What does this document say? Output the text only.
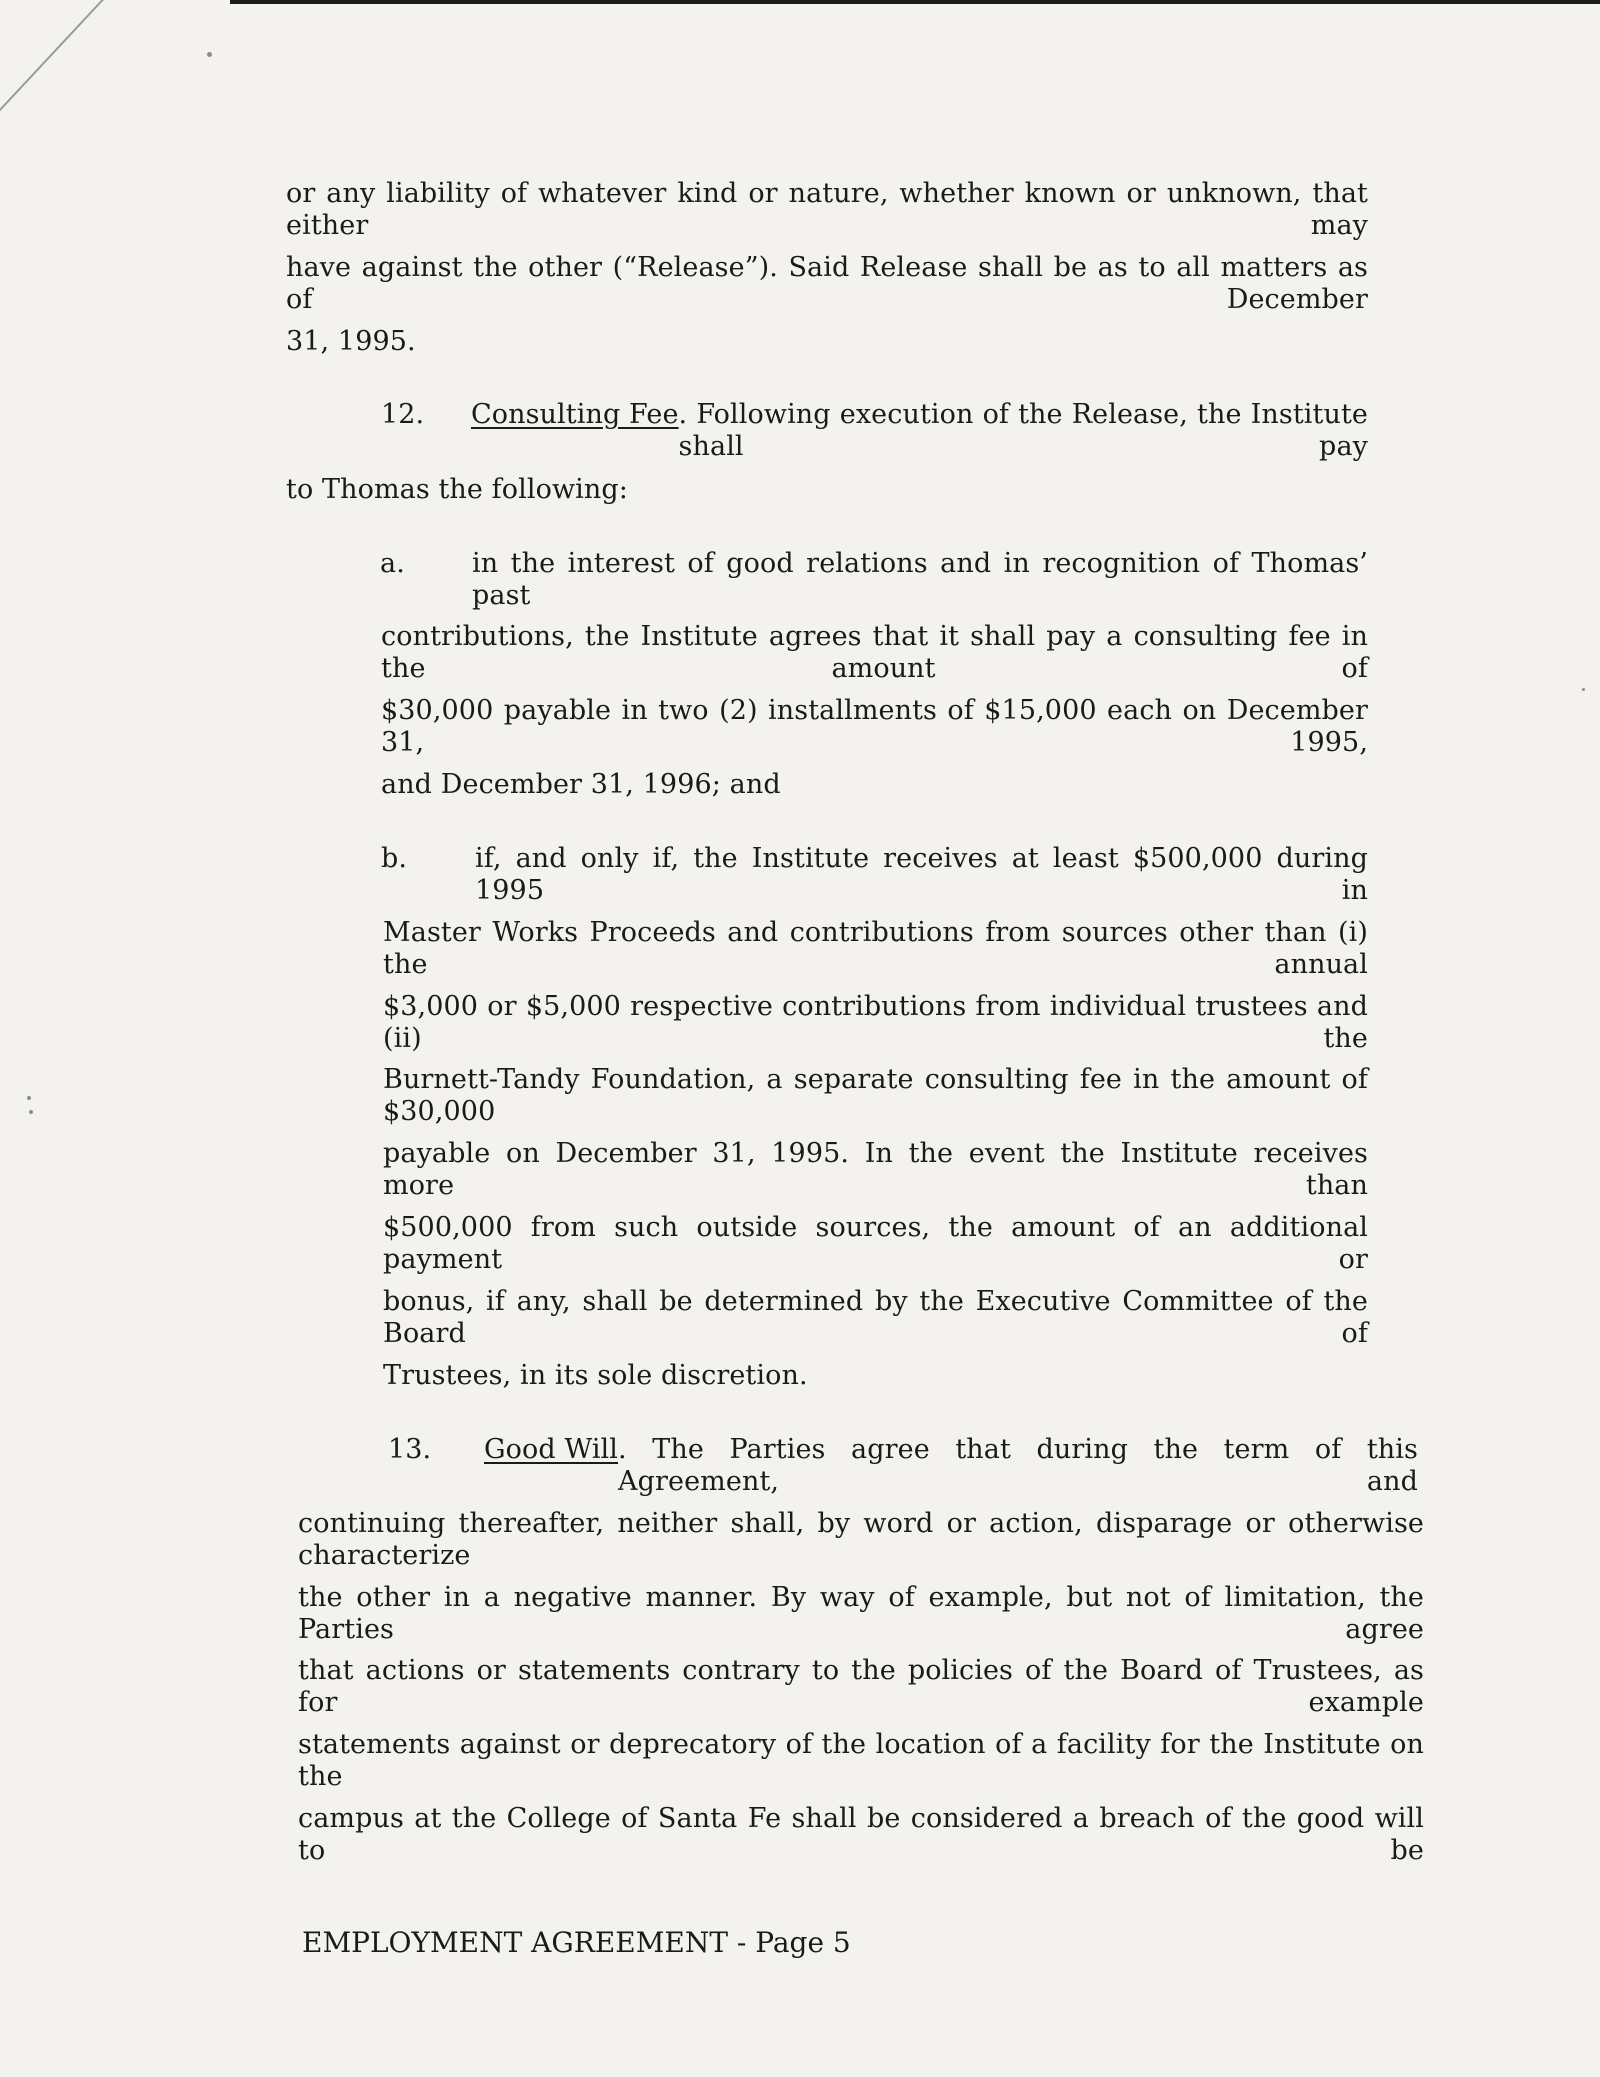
or any liability of whatever kind or nature, whether known or unknown, that either may
have against the other (“Release”). Said Release shall be as to all matters as of December
31, 1995.
12. Consulting Fee . Following execution of the Release, the Institute shall pay
to Thomas the following:
a. in the interest of good relations and in recognition of Thomas’ past
contributions, the Institute agrees that it shall pay a consulting fee in the amount of
$30,000 payable in two (2) installments of $15,000 each on December 31, 1995,
and December 31, 1996; and
b.	if, and only if, the Institute receives at least $500,000 during 1995 in
Master Works Proceeds and contributions from sources other than (i) the annual
$3,000 or $5,000 respective contributions from individual trustees and (ii) the
Burnett-Tandy Foundation, a separate consulting fee in the amount of $30,000
payable on December 31, 1995. In the event the Institute receives more than
$500,000 from such outside sources, the amount of an additional payment or
bonus, if any, shall be determined by the Executive Committee of the Board of
Trustees, in its sole discretion.
13. Good Will . The Parties agree that during the term of this Agreement, and
continuing thereafter, neither shall, by word or action, disparage or otherwise characterize
the other in a negative manner. By way of example, but not of limitation, the Parties agree
that actions or statements contrary to the policies of the Board of Trustees, as for example
statements against or deprecatory of the location of a facility for the Institute on the
campus at the College of Santa Fe shall be considered a breach of the good will to be
EMPLOYMENT AGREEMENT - Page 5
